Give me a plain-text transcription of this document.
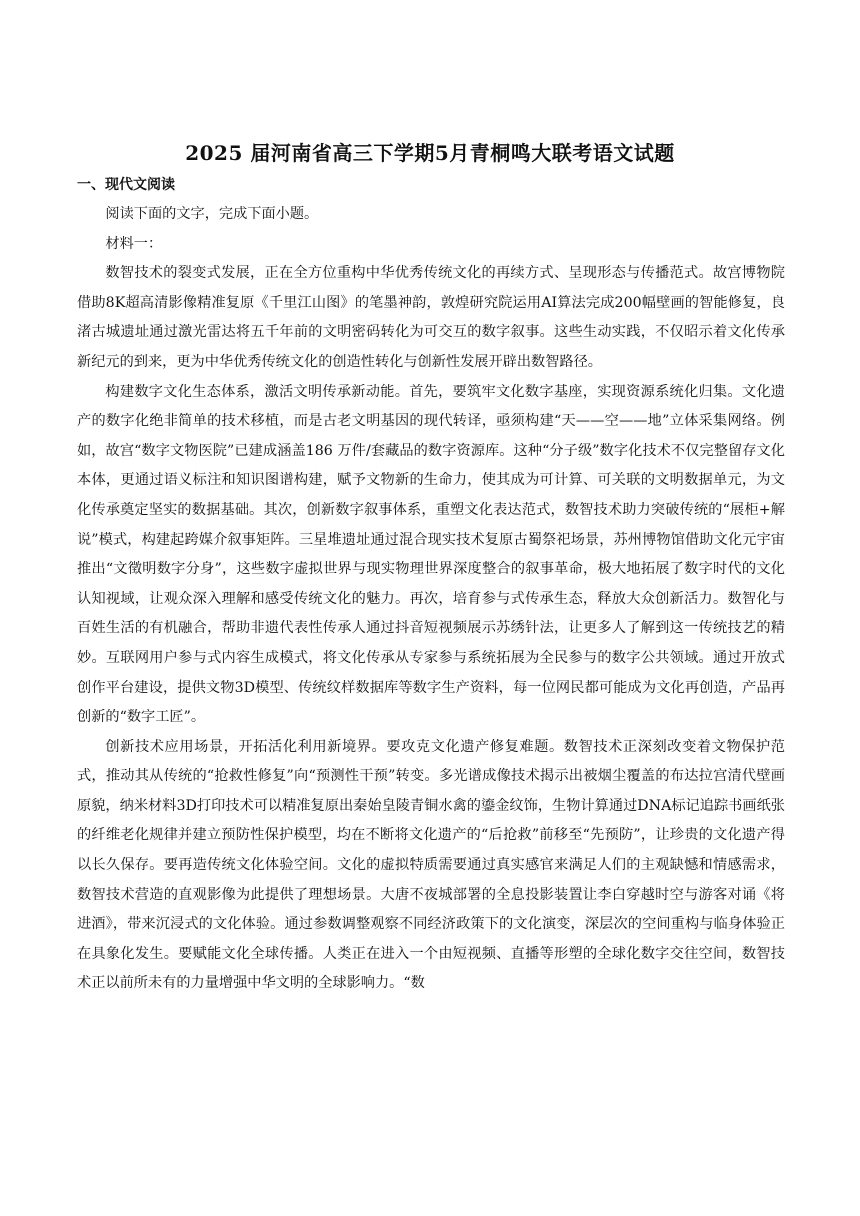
2025 届河南省高三下学期5月青桐鸣大联考语文试题
一、现代文阅读

阅读下面的文字，完成下面小题。

材料一：

数智技术的裂变式发展，正在全方位重构中华优秀传统文化的再续方式、呈现形态与传播范式。故宫博物院借助8K超高清影像精准复原《千里江山图》的笔墨神韵，敦煌研究院运用AI算法完成200幅壁画的智能修复，良渚古城遗址通过激光雷达将五千年前的文明密码转化为可交互的数字叙事。这些生动实践，不仅昭示着文化传承新纪元的到来，更为中华优秀传统文化的创造性转化与创新性发展开辟出数智路径。

构建数字文化生态体系，激活文明传承新动能。首先，要筑牢文化数字基座，实现资源系统化归集。文化遗产的数字化绝非简单的技术移植，而是古老文明基因的现代转译，亟须构建“天——空——地”立体采集网络。例如，故宫“数字文物医院”已建成涵盖186 万件/套藏品的数字资源库。这种“分子级”数字化技术不仅完整留存文化本体，更通过语义标注和知识图谱构建，赋予文物新的生命力，使其成为可计算、可关联的文明数据单元，为文化传承奠定坚实的数据基础。其次，创新数字叙事体系，重塑文化表达范式，数智技术助力突破传统的“展柜+解说”模式，构建起跨媒介叙事矩阵。三星堆遗址通过混合现实技术复原古蜀祭祀场景，苏州博物馆借助文化元宇宙推出“文徵明数字分身”，这些数字虚拟世界与现实物理世界深度整合的叙事革命，极大地拓展了数字时代的文化认知视域，让观众深入理解和感受传统文化的魅力。再次，培育参与式传承生态，释放大众创新活力。数智化与百姓生活的有机融合，帮助非遗代表性传承人通过抖音短视频展示苏绣针法，让更多人了解到这一传统技艺的精妙。互联网用户参与式内容生成模式，将文化传承从专家参与系统拓展为全民参与的数字公共领域。通过开放式创作平台建设，提供文物3D模型、传统纹样数据库等数字生产资料，每一位网民都可能成为文化再创造，产品再创新的“数字工匠”。

创新技术应用场景，开拓活化利用新境界。要攻克文化遗产修复难题。数智技术正深刻改变着文物保护范式，推动其从传统的“抢救性修复”向“预测性干预”转变。多光谱成像技术揭示出被烟尘覆盖的布达拉宫清代壁画原貌，纳米材料3D打印技术可以精准复原出秦始皇陵青铜水禽的鎏金纹饰，生物计算通过DNA标记追踪书画纸张的纤维老化规律并建立预防性保护模型，均在不断将文化遗产的“后抢救”前移至“先预防”，让珍贵的文化遗产得以长久保存。要再造传统文化体验空间。文化的虚拟特质需要通过真实感官来满足人们的主观缺憾和情感需求，数智技术营造的直观影像为此提供了理想场景。大唐不夜城部署的全息投影装置让李白穿越时空与游客对诵《将进酒》，带来沉浸式的文化体验。通过参数调整观察不同经济政策下的文化演变，深层次的空间重构与临身体验正在具象化发生。要赋能文化全球传播。人类正在进入一个由短视频、直播等形塑的全球化数字交往空间，数智技术正以前所未有的力量增强中华文明的全球影响力。“数
